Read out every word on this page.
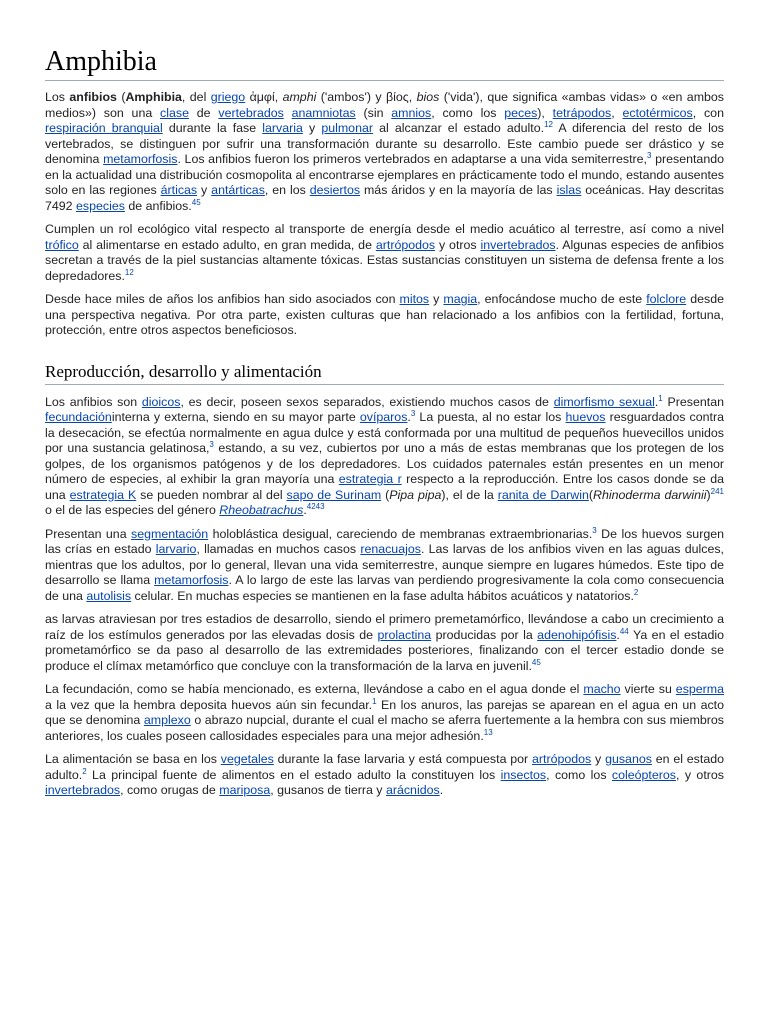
Amphibia

Los anfibios (Amphibia, del griego ἀμφί, amphi ('ambos') y βίος, bios ('vida'), que significa «ambas vidas» o «en ambos medios») son una clase de vertebrados anamniotas (sin amnios, como los peces), tetrápodos, ectotérmicos, con respiración branquial durante la fase larvaria y pulmonar al alcanzar el estado adulto.$^{12}$ A diferencia del resto de los vertebrados, se distinguen por sufrir una transformación durante su desarrollo. Este cambio puede ser drástico y se denomina metamorfosis. Los anfibios fueron los primeros vertebrados en adaptarse a una vida semiterrestre,$^3$ presentando en la actualidad una distribución cosmopolita al encontrarse ejemplares en prácticamente todo el mundo, estando ausentes solo en las regiones árticas y antárticas, en los desiertos más áridos y en la mayoría de las islas oceánicas. Hay descritas 7492 especies de anfibios.$^{45}$

Cumplen un rol ecológico vital respecto al transporte de energía desde el medio acuático al terrestre, así como a nivel trófico al alimentarse en estado adulto, en gran medida, de artrópodos y otros invertebrados. Algunas especies de anfibios secretan a través de la piel sustancias altamente tóxicas. Estas sustancias constituyen un sistema de defensa frente a los depredadores.$^{12}$

Desde hace miles de años los anfibios han sido asociados con mitos y magia, enfocándose mucho de este folclore desde una perspectiva negativa. Por otra parte, existen culturas que han relacionado a los anfibios con la fertilidad, fortuna, protección, entre otros aspectos beneficiosos.

Reproducción, desarrollo y alimentación

Los anfibios son dioicos, es decir, poseen sexos separados, existiendo muchos casos de dimorfismo sexual.$^1$ Presentan fecundacióninterna y externa, siendo en su mayor parte ovíparos.$^3$ La puesta, al no estar los huevos resguardados contra la desecación, se efectúa normalmente en agua dulce y está conformada por una multitud de pequeños huevecillos unidos por una sustancia gelatinosa,$^3$ estando, a su vez, cubiertos por uno a más de estas membranas que los protegen de los golpes, de los organismos patógenos y de los depredadores. Los cuidados paternales están presentes en un menor número de especies, al exhibir la gran mayoría una estrategia r respecto a la reproducción. Entre los casos donde se da una estrategia K se pueden nombrar al del sapo de Surinam (Pipa pipa), el de la ranita de Darwin(Rhinoderma darwinii)$^{241}$ o el de las especies del género Rheobatrachus.$^{4243}$

Presentan una segmentación holoblástica desigual, careciendo de membranas extraembrionarias.$^3$ De los huevos surgen las crías en estado larvario, llamadas en muchos casos renacuajos. Las larvas de los anfibios viven en las aguas dulces, mientras que los adultos, por lo general, llevan una vida semiterrestre, aunque siempre en lugares húmedos. Este tipo de desarrollo se llama metamorfosis. A lo largo de este las larvas van perdiendo progresivamente la cola como consecuencia de una autolisis celular. En muchas especies se mantienen en la fase adulta hábitos acuáticos y natatorios.$^2$

as larvas atraviesan por tres estadios de desarrollo, siendo el primero premetamórfico, llevándose a cabo un crecimiento a raíz de los estímulos generados por las elevadas dosis de prolactina producidas por la adenohipófisis.$^{44}$ Ya en el estadio prometamórfico se da paso al desarrollo de las extremidades posteriores, finalizando con el tercer estadio donde se produce el clímax metamórfico que concluye con la transformación de la larva en juvenil.$^{45}$

La fecundación, como se había mencionado, es externa, llevándose a cabo en el agua donde el macho vierte su esperma a la vez que la hembra deposita huevos aún sin fecundar.$^1$ En los anuros, las parejas se aparean en el agua en un acto que se denomina amplexo o abrazo nupcial, durante el cual el macho se aferra fuertemente a la hembra con sus miembros anteriores, los cuales poseen callosidades especiales para una mejor adhesión.$^{13}$

La alimentación se basa en los vegetales durante la fase larvaria y está compuesta por artrópodos y gusanos en el estado adulto.$^2$ La principal fuente de alimentos en el estado adulto la constituyen los insectos, como los coleópteros, y otros invertebrados, como orugas de mariposa, gusanos de tierra y arácnidos.
